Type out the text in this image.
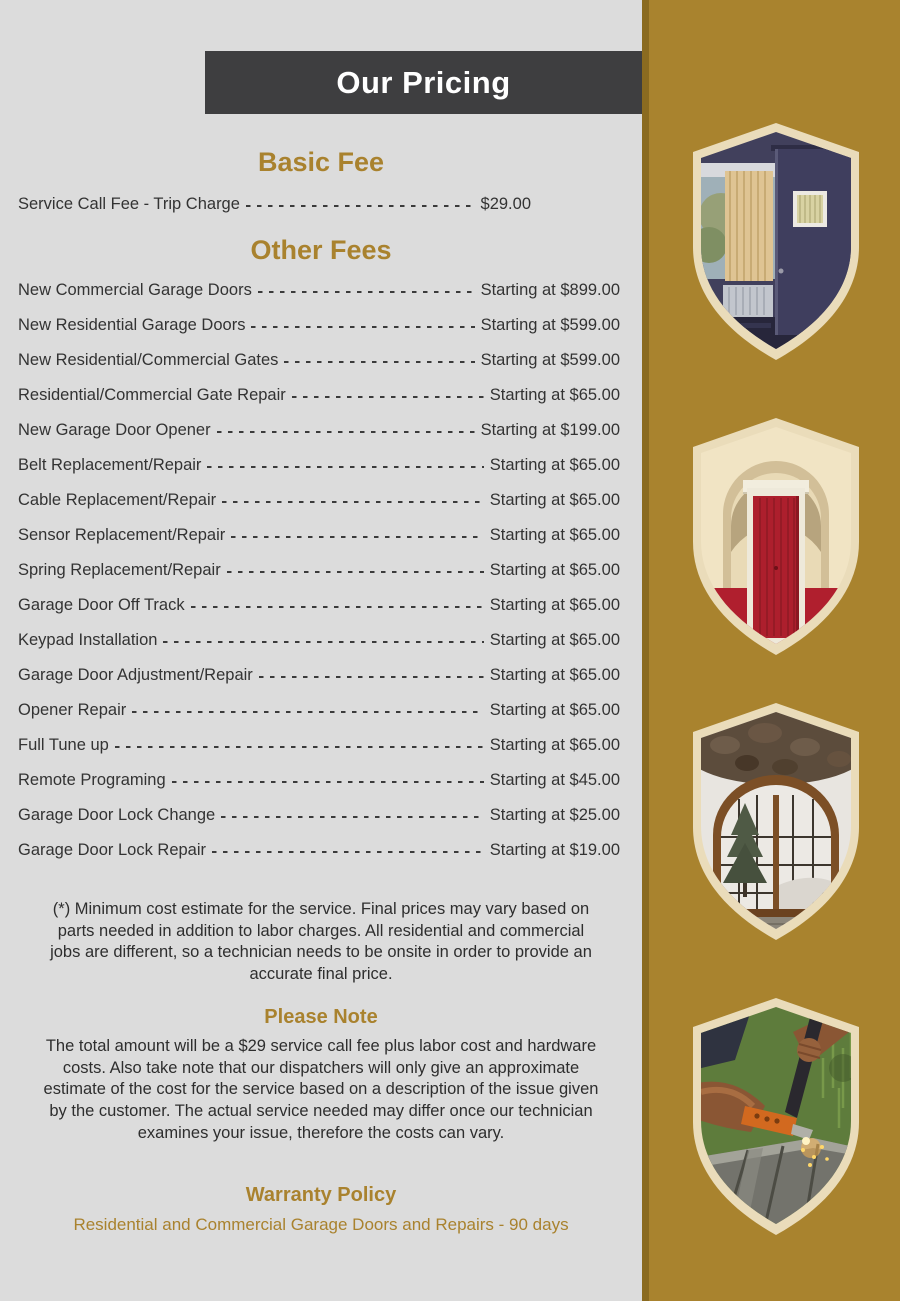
Our Pricing
Basic Fee
Other Fees
Service Call Fee - Trip Charge	$29.00
New Commercial Garage Doors	Starting at $899.00
New Residential Garage Doors	Starting at $599.00
New Residential/Commercial Gates	Starting at $599.00
Residential/Commercial Gate Repair	Starting at $65.00
New Garage Door Opener	Starting at $199.00
Belt Replacement/Repair	Starting at $65.00
Cable Replacement/Repair	Starting at $65.00
Sensor Replacement/Repair	Starting at $65.00
Spring Replacement/Repair	Starting at $65.00
Garage Door Off Track	Starting at $65.00
Keypad Installation	Starting at $65.00
Garage Door Adjustment/Repair	Starting at $65.00
Opener Repair	Starting at $65.00
Full Tune up	Starting at $65.00
Remote Programing	Starting at $45.00
Garage Door Lock Change	Starting at $25.00
Garage Door Lock Repair	Starting at $19.00
(*) Minimum cost estimate for the service. Final prices may vary based on parts needed in addition to labor charges. All residential and commercial jobs are different, so a technician needs to be onsite in order to provide an accurate final price.
Please Note
The total amount will be a $29 service call fee plus labor cost and hardware costs. Also take note that our dispatchers will only give an approximate estimate of the cost for the service based on a description of the issue given by the customer. The actual service needed may differ once our technician examines your issue, therefore the costs can vary.
Warranty Policy
Residential and Commercial Garage Doors and Repairs - 90 days
